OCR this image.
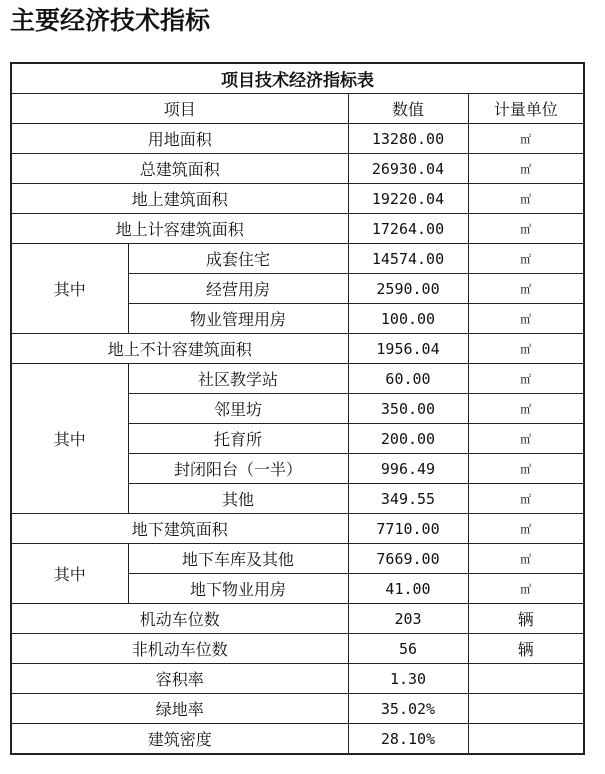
主要经济技术指标
项目技术经济指标表			
项目		数值	计量单位
用地面积		13280.00	㎡
总建筑面积		26930.04	㎡
地上建筑面积		19220.04	㎡
地上计容建筑面积		17264.00	㎡
其中	成套住宅	14574.00	㎡
	经营用房	2590.00	㎡
	物业管理用房	100.00	㎡
地上不计容建筑面积		1956.04	㎡
其中	社区教学站	60.00	㎡
	邻里坊	350.00	㎡
	托育所	200.00	㎡
	封闭阳台（一半）	996.49	㎡
	其他	349.55	㎡
地下建筑面积		7710.00	㎡
其中	地下车库及其他	7669.00	㎡
	地下物业用房	41.00	㎡
机动车位数		203	辆
非机动车位数		56	辆
容积率		1.30	
绿地率		35.02%	
建筑密度		28.10%	
